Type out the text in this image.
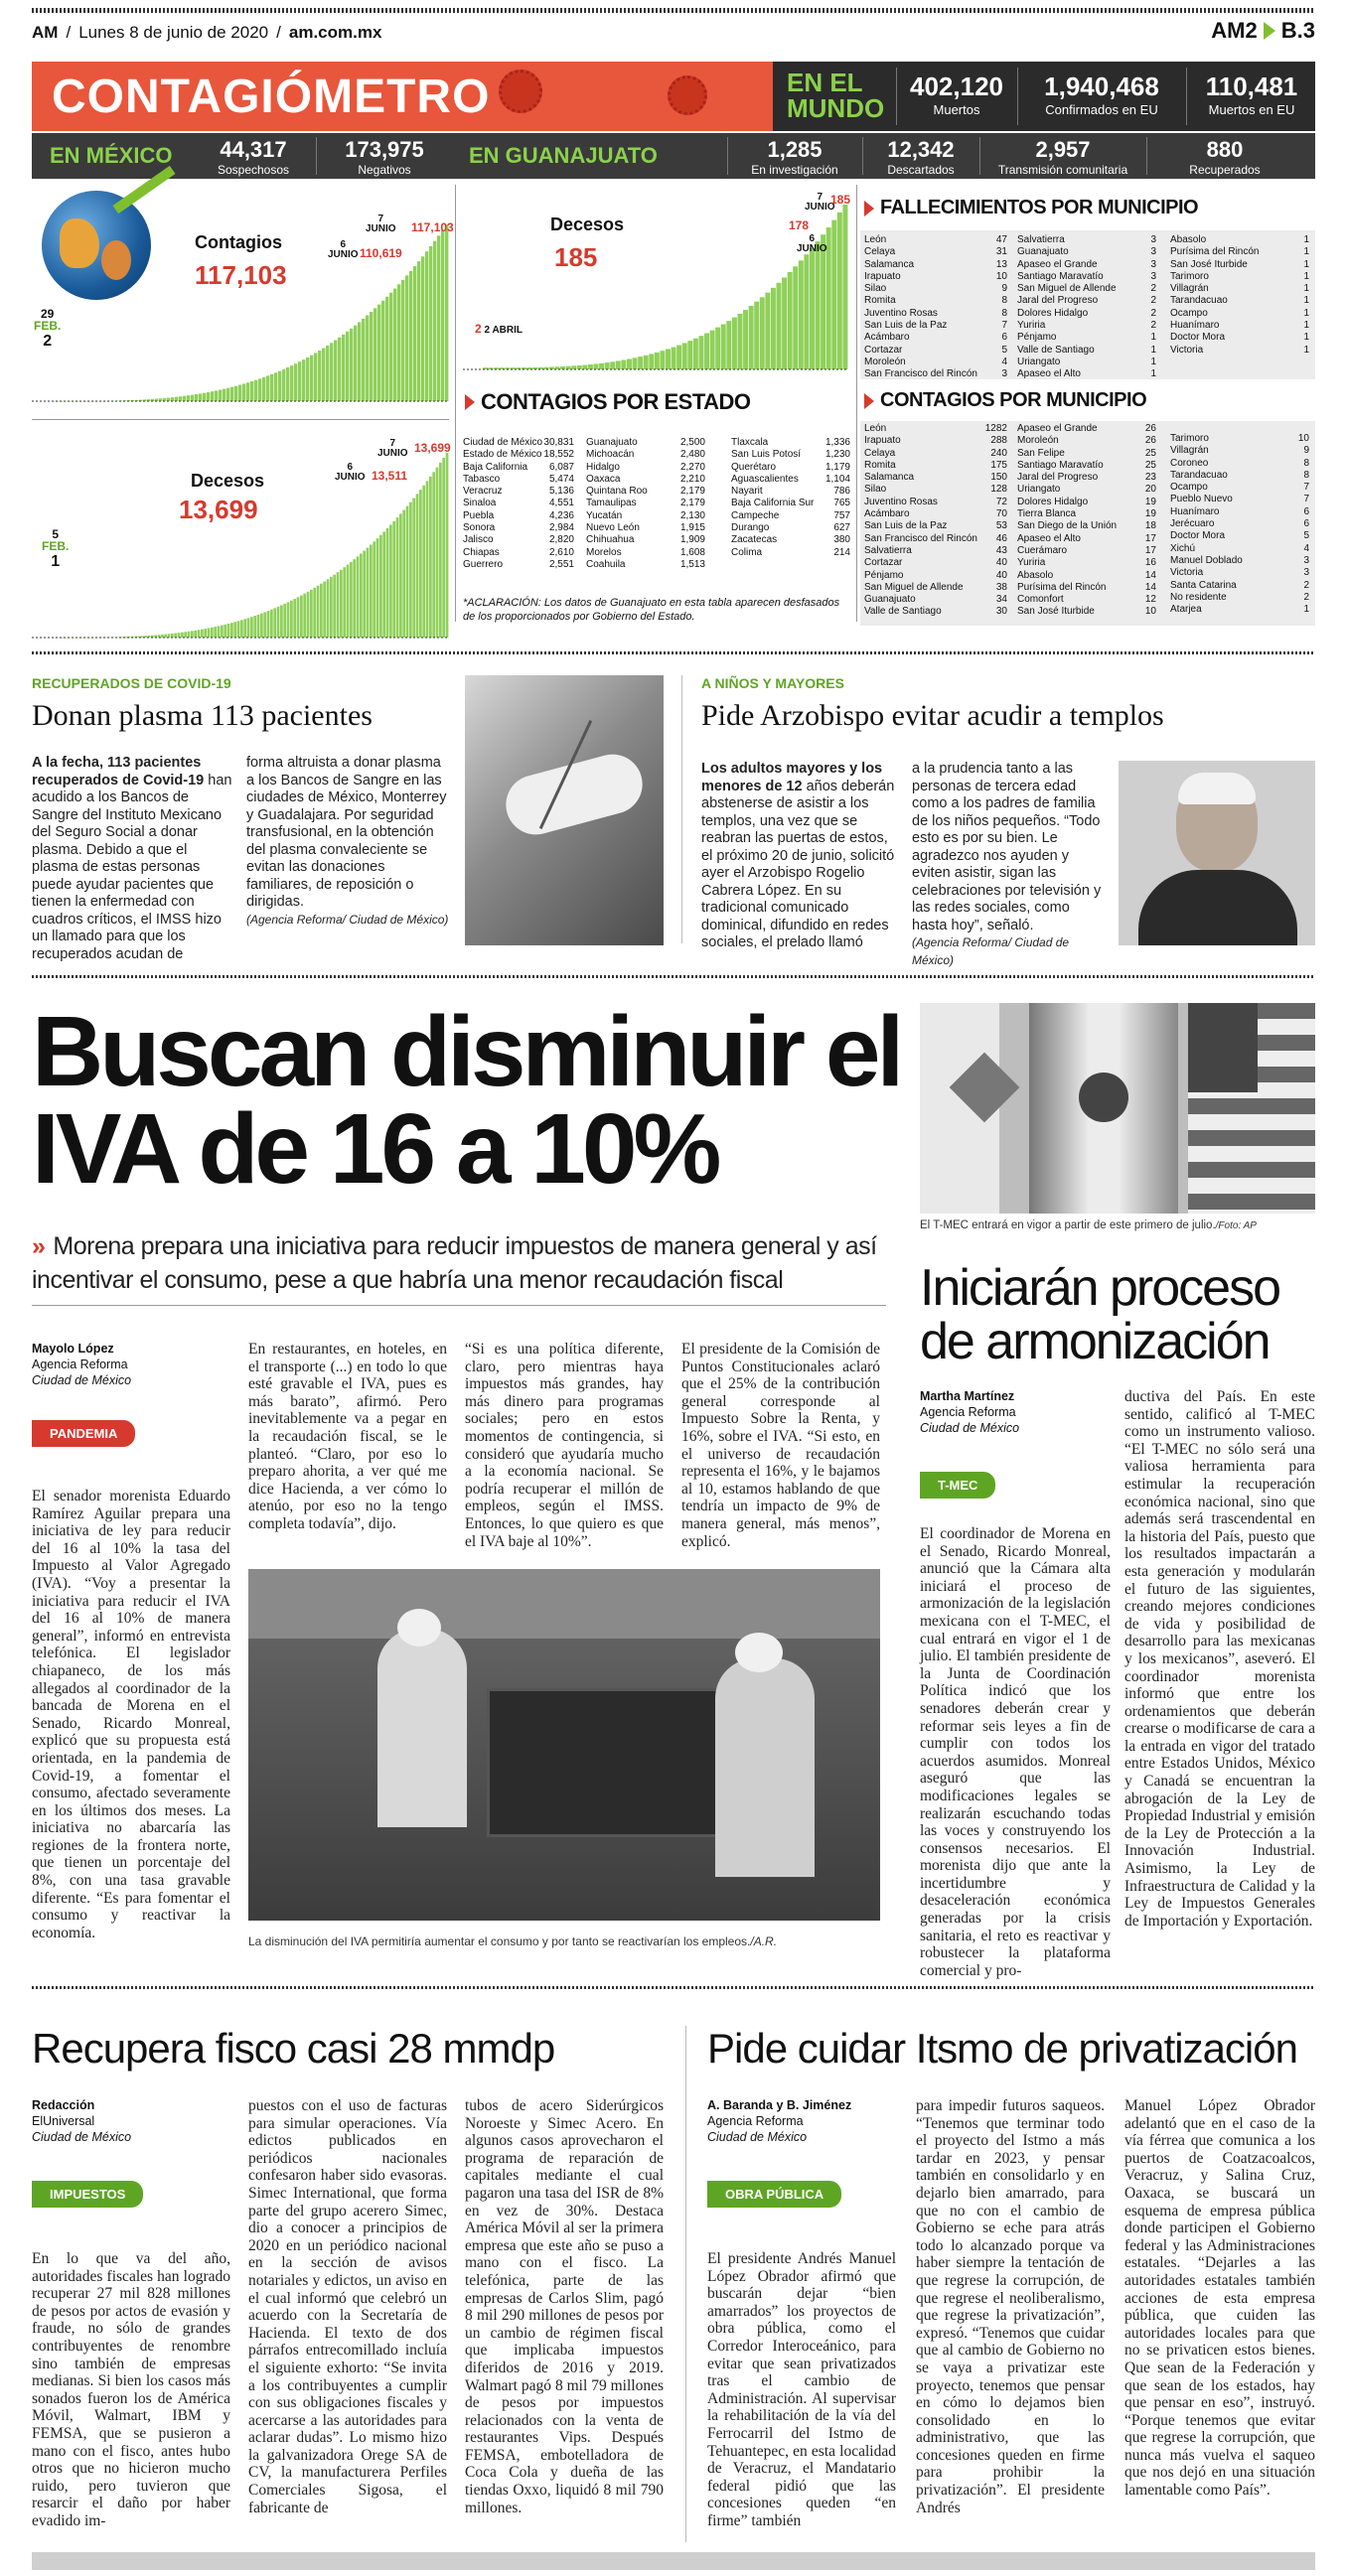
AM / Lunes 8 de junio de 2020 / am.com.mx	AM2 B.3
CONTAGIÓMETRO	EN EL MUNDO
402,120
Muertos
1,940,468
Confirmados en EU
110,481
Muertos en EU
EN MÉXICO	44,317
Sospechosos
173,975
Negativos
EN GUANAJUATO	1,285
En investigación
12,342
Descartados
2,957
Transmisión comunitaria
880
Recuperados
Contagios
117,103
29
FEB.
2
6
JUNIO 110,619
7
JUNIO 117,103
Decesos
13,699
5
FEB.
1
6
JUNIO 13,511
7
JUNIO 13,699
Decesos
185
2 2 ABRIL
6
JUNIO
178
7
JUNIO
185
CONTAGIOS POR ESTADO
Ciudad de México 30,831
Estado de México 18,552
Baja California 6,087
Tabasco	5,474
Veracruz	5,136
Sinaloa	4,551
Puebla	4,236
Sonora	2,984
Jalisco	2,820
Chiapas	2,610
Guerrero	2,551
Guanajuato	2,500
Michoacán	2,480
Hidalgo	2,270
Oaxaca	2,210
Quintana Roo	2,179
Tamaulipas	2,179
Yucatán	2,130
Nuevo León	1,915
Chihuahua	1,909
Morelos	1,608
Coahuila	1,513
Tlaxcala	1,336
San Luis Potosí 1,230
Querétaro	1,179
Aguascalientes	1,104
Nayarit	786
Baja California Sur 765
Campeche	757
Durango	627
Zacatecas	380
Colima	214
*ACLARACIÓN: Los datos de Guanajuato en esta tabla aparecen desfasados de los proporcionados por Gobierno del Estado.
FALLECIMIENTOS POR MUNICIPIO
León	47
Celaya	31
Salamanca	13
Irapuato	10
Silao	9
Romita	8
Juventino Rosas	8
San Luis de la Paz	7
Acámbaro	6
Cortazar	5
Moroleón	4
San Francisco del Rincón 3
Salvatierra	3
Guanajuato	3
Apaseo el Grande	3
Santiago Maravatío	3
San Miguel de Allende	2
Jaral del Progreso	2
Dolores Hidalgo	2
Yuriria	2
Pénjamo	1
Valle de Santiago	1
Uriangato	1
Apaseo el Alto	1
Abasolo	1
Purísima del Rincón	1
San José Iturbide	1
Tarimoro	1
Villagrán	1
Tarandacuao	1
Ocampo	1
Huanímaro	1
Doctor Mora	1
Victoria	1
CONTAGIOS POR MUNICIPIO
León	1282
Irapuato	288
Celaya	240
Romita	175
Salamanca	150
Silao	128
Juventino Rosas	72
Acámbaro	70
San Luis de la Paz	53
San Francisco del Rincón 46
Salvatierra	43
Cortazar	40
Pénjamo	40
San Miguel de Allende	38
Guanajuato	34
Valle de Santiago	30
Apaseo el Grande	26
Moroleón	26
San Felipe	25
Santiago Maravatío	25
Jaral del Progreso	23
Uriangato	20
Dolores Hidalgo	19
Tierra Blanca	19
San Diego de la Unión	18
Apaseo el Alto	17
Cuerámaro	17
Yuriria	16
Abasolo	14
Purísima del Rincón	14
Comonfort	12
San José Iturbide	10
Tarimoro	10
Villagrán	9
Coroneo	8
Tarandacuao	8
Ocampo	7
Pueblo Nuevo	7
Huanímaro	6
Jerécuaro	6
Doctor Mora	5
Xichú	4
Manuel Doblado	3
Victoria	3
Santa Catarina	2
No residente	2
Atarjea	1
RECUPERADOS DE COVID-19
Donan plasma 113 pacientes
A la fecha, 113 pacientes recuperados de Covid-19 han acudido a los Bancos de Sangre del Instituto Mexicano del Seguro Social a donar plasma. Debido a que el plasma de estas personas puede ayudar pacientes que tienen la enfermedad con cuadros críticos, el IMSS hizo un llamado para que los recuperados acudan de
forma altruista a donar plasma a los Bancos de Sangre en las ciudades de México, Monterrey y Guadalajara. Por seguridad transfusional, en la obtención del plasma convaleciente se evitan las donaciones familiares, de reposición o dirigidas.
(Agencia Reforma/ Ciudad de México)
A NIÑOS Y MAYORES
Pide Arzobispo evitar acudir a templos
Los adultos mayores y los menores de 12 años deberán abstenerse de asistir a los templos, una vez que se reabran las puertas de estos, el próximo 20 de junio, solicitó ayer el Arzobispo Rogelio Cabrera López. En su tradicional comunicado dominical, difundido en redes sociales, el prelado llamó
a la prudencia tanto a las personas de tercera edad como a los padres de familia de los niños pequeños. “Todo esto es por su bien. Le agradezco nos ayuden y eviten asistir, sigan las celebraciones por televisión y las redes sociales, como hasta hoy”, señaló.
(Agencia Reforma/ Ciudad de México)
Buscan disminuir el IVA de 16 a 10%
» Morena prepara una iniciativa para reducir impuestos de manera general y así incentivar el consumo, pese a que habría una menor recaudación fiscal
Mayolo López
Agencia Reforma
Ciudad de México
PANDEMIA
El senador morenista Eduardo Ramírez Aguilar prepara una iniciativa de ley para reducir del 16 al 10% la tasa del Impuesto al Valor Agregado (IVA). “Voy a presentar la iniciativa para reducir el IVA del 16 al 10% de manera general”, informó en entrevista telefónica. El legislador chiapaneco, de los más allegados al coordinador de la bancada de Morena en el Senado, Ricardo Monreal, explicó que su propuesta está orientada, en la pandemia de Covid-19, a fomentar el consumo, afectado severamente en los últimos dos meses. La iniciativa no abarcaría las regiones de la frontera norte, que tienen un porcentaje del 8%, con una tasa gravable diferente. “Es para fomentar el consumo y reactivar la economía.
En restaurantes, en hoteles, en el transporte (...) en todo lo que esté gravable el IVA, pues es más barato”, afirmó. Pero inevitablemente va a pegar en la recaudación fiscal, se le planteó. “Claro, por eso lo preparo ahorita, a ver qué me dice Hacienda, a ver cómo lo atenúo, por eso no la tengo completa todavía”, dijo.
“Si es una política diferente, claro, pero mientras haya impuestos más grandes, hay más dinero para programas sociales; pero en estos momentos de contingencia, si consideró que ayudaría mucho a la economía nacional. Se podría recuperar el millón de empleos, según el IMSS. Entonces, lo que quiero es que el IVA baje al 10%”.
El presidente de la Comisión de Puntos Constitucionales aclaró que el 25% de la contribución general corresponde al Impuesto Sobre la Renta, y 16%, sobre el IVA. “Si esto, en el universo de recaudación representa el 16%, y le bajamos al 10, estamos hablando de que tendría un impacto de 9% de manera general, más menos”, explicó.
La disminución del IVA permitiría aumentar el consumo y por tanto se reactivarían los empleos./A.R.
El T-MEC entrará en vigor a partir de este primero de julio./Foto: AP
Iniciarán proceso de armonización
Martha Martínez
Agencia Reforma
Ciudad de México
T-MEC
El coordinador de Morena en el Senado, Ricardo Monreal, anunció que la Cámara alta iniciará el proceso de armonización de la legislación mexicana con el T-MEC, el cual entrará en vigor el 1 de julio. El también presidente de la Junta de Coordinación Política indicó que los senadores deberán crear y reformar seis leyes a fin de cumplir con todos los acuerdos asumidos. Monreal aseguró que las modificaciones legales se realizarán escuchando todas las voces y construyendo los consensos necesarios. El morenista dijo que ante la incertidumbre y desaceleración económica generadas por la crisis sanitaria, el reto es reactivar y robustecer la plataforma comercial y pro-
ductiva del País. En este sentido, calificó al T-MEC como un instrumento valioso. “El T-MEC no sólo será una valiosa herramienta para estimular la recuperación económica nacional, sino que además será trascendental en la historia del País, puesto que los resultados impactarán a esta generación y modularán el futuro de las siguientes, creando mejores condiciones de vida y posibilidad de desarrollo para las mexicanas y los mexicanos”, aseveró. El coordinador morenista informó que entre los ordenamientos que deberán crearse o modificarse de cara a la entrada en vigor del tratado entre Estados Unidos, México y Canadá se encuentran la abrogación de la Ley de Propiedad Industrial y emisión de la Ley de Protección a la Innovación Industrial. Asimismo, la Ley de Infraestructura de Calidad y la Ley de Impuestos Generales de Importación y Exportación.
Recupera fisco casi 28 mmdp
Redacción
ElUniversal
Ciudad de México
IMPUESTOS
En lo que va del año, autoridades fiscales han logrado recuperar 27 mil 828 millones de pesos por actos de evasión y fraude, no sólo de grandes contribuyentes de renombre sino también de empresas medianas. Si bien los casos más sonados fueron los de América Móvil, Walmart, IBM y FEMSA, que se pusieron a mano con el fisco, antes hubo otros que no hicieron mucho ruido, pero tuvieron que resarcir el daño por haber evadido im-
puestos con el uso de facturas para simular operaciones. Vía edictos publicados en periódicos nacionales confesaron haber sido evasoras. Simec International, que forma parte del grupo acerero Simec, dio a conocer a principios de 2020 en un periódico nacional en la sección de avisos notariales y edictos, un aviso en el cual informó que celebró un acuerdo con la Secretaría de Hacienda. El texto de dos párrafos entrecomillado incluía el siguiente exhorto: “Se invita a los contribuyentes a cumplir con sus obligaciones fiscales y acercarse a las autoridades para aclarar dudas”. Lo mismo hizo la galvanizadora Orege SA de CV, la manufacturera Perfiles Comerciales Sigosa, el fabricante de
tubos de acero Siderúrgicos Noroeste y Simec Acero. En algunos casos aprovecharon el programa de reparación de capitales mediante el cual pagaron una tasa del ISR de 8% en vez de 30%. Destaca América Móvil al ser la primera empresa que este año se puso a mano con el fisco. La telefónica, parte de las empresas de Carlos Slim, pagó 8 mil 290 millones de pesos por un cambio de régimen fiscal que implicaba impuestos diferidos de 2016 y 2019. Walmart pagó 8 mil 79 millones de pesos por impuestos relacionados con la venta de restaurantes Vips. Después FEMSA, embotelladora de Coca Cola y dueña de las tiendas Oxxo, liquidó 8 mil 790 millones.
Pide cuidar Itsmo de privatización
A. Baranda y B. Jiménez
Agencia Reforma
Ciudad de México
OBRA PÚBLICA
El presidente Andrés Manuel López Obrador afirmó que buscarán dejar “bien amarrados” los proyectos de obra pública, como el Corredor Interoceánico, para evitar que sean privatizados tras el cambio de Administración. Al supervisar la rehabilitación de la vía del Ferrocarril del Istmo de Tehuantepec, en esta localidad de Veracruz, el Mandatario federal pidió que las concesiones queden “en firme” también
para impedir futuros saqueos. “Tenemos que terminar todo el proyecto del Istmo a más tardar en 2023, y pensar también en consolidarlo y en dejarlo bien amarrado, para que no con el cambio de Gobierno se eche para atrás todo lo alcanzado porque va haber siempre la tentación de que regrese la corrupción, de que regrese el neoliberalismo, que regrese la privatización”, expresó. “Tenemos que cuidar que al cambio de Gobierno no se vaya a privatizar este proyecto, tenemos que pensar en cómo lo dejamos bien consolidado en lo administrativo, que las concesiones queden en firme para prohibir la privatización”. El presidente Andrés
Manuel López Obrador adelantó que en el caso de la vía férrea que comunica a los puertos de Coatzacoalcos, Veracruz, y Salina Cruz, Oaxaca, se buscará un esquema de empresa pública donde participen el Gobierno federal y las Administraciones estatales. “Dejarles a las autoridades estatales también acciones de esta empresa pública, que cuiden las autoridades locales para que no se privaticen estos bienes. Que sean de la Federación y que sean de los estados, hay que pensar en eso”, instruyó. “Porque tenemos que evitar que regrese la corrupción, que nunca más vuelva el saqueo que nos dejó en una situación lamentable como País”.
